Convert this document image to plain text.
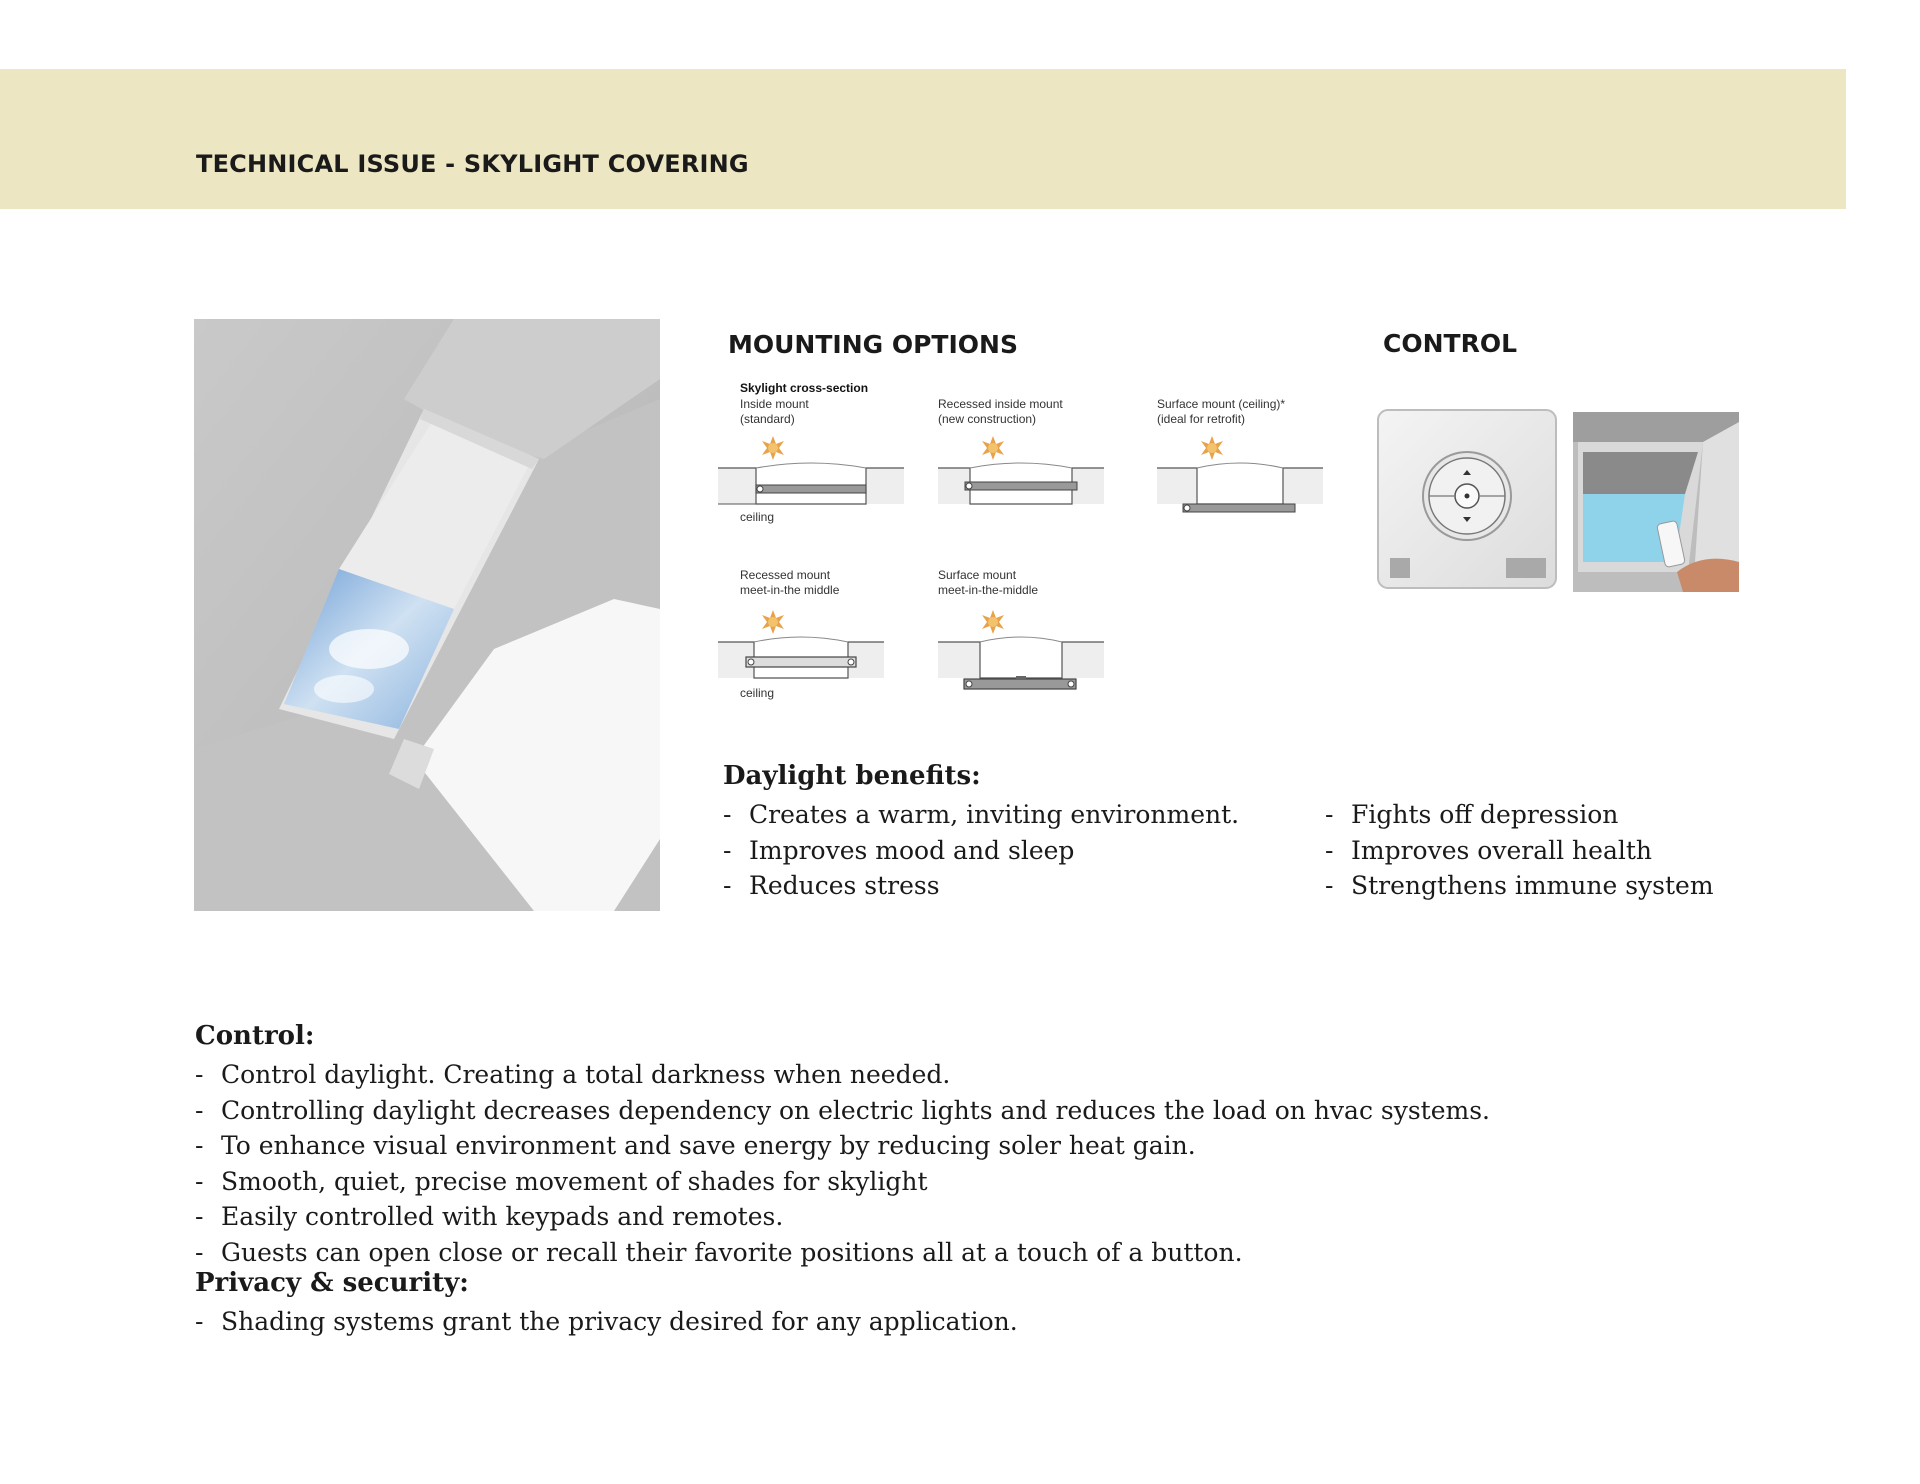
TECHNICAL ISSUE - SKYLIGHT COVERING
MOUNTING OPTIONS
Skylight cross-section
Inside mount
(standard)
ceiling
Recessed inside mount
(new construction)
Surface mount (ceiling)*
(ideal for retrofit)
Recessed mount
meet-in-the middle
ceiling
Surface mount
meet-in-the-middle
CONTROL
Daylight benefits:
- Creates a warm, inviting environment.
- Improves mood and sleep
- Reduces stress
- Fights off depression
- Improves overall health
- Strengthens immune system
Control:
- Control daylight. Creating a total darkness when needed.
- Controlling daylight decreases dependency on electric lights and reduces the load on hvac systems.
- To enhance visual environment and save energy by reducing soler heat gain.
- Smooth, quiet, precise movement of shades for skylight
- Easily controlled with keypads and remotes.
- Guests can open close or recall their favorite positions all at a touch of a button.
Privacy & security:
- Shading systems grant the privacy desired for any application.
